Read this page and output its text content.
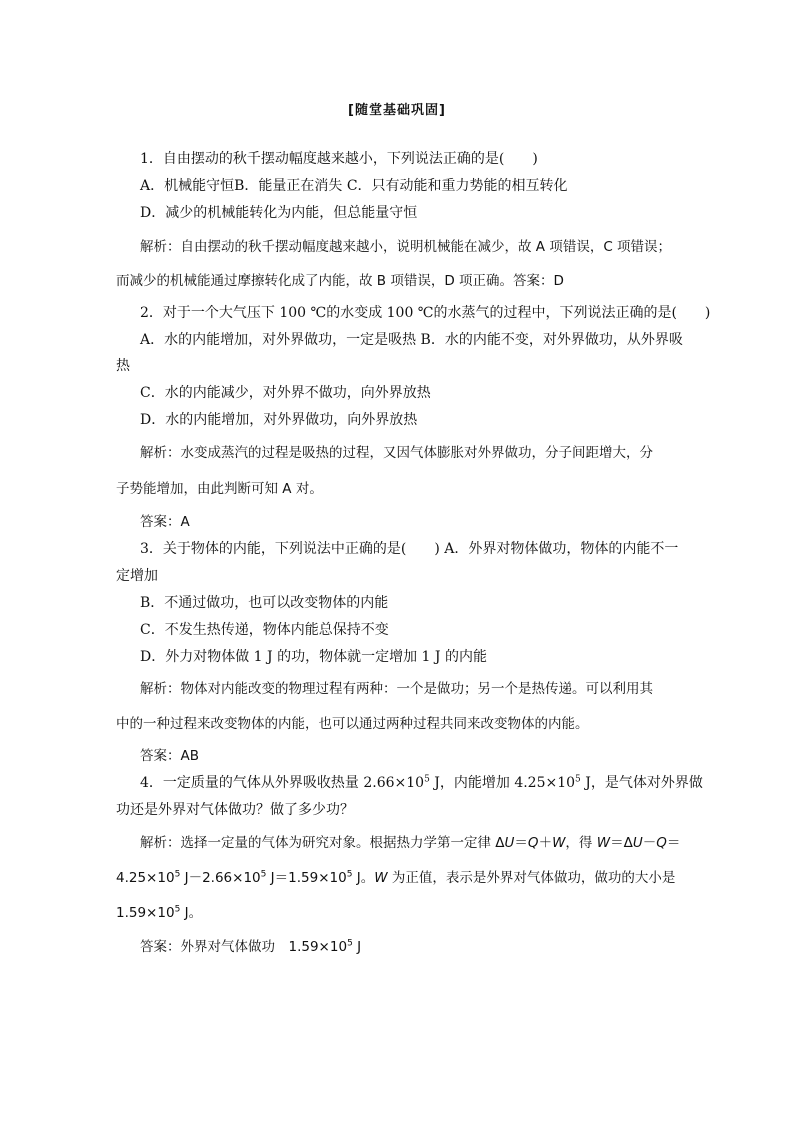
[随堂基础巩固]
1．自由摆动的秋千摆动幅度越来越小，下列说法正确的是(　　)
A．机械能守恒B．能量正在消失 C．只有动能和重力势能的相互转化
D．减少的机械能转化为内能，但总能量守恒
解析：自由摆动的秋千摆动幅度越来越小，说明机械能在减少，故 A 项错误，C 项错误；
而减少的机械能通过摩擦转化成了内能，故 B 项错误，D 项正确。答案：D
2．对于一个大气压下 100 ℃的水变成 100 ℃的水蒸气的过程中，下列说法正确的是(　　)
A．水的内能增加，对外界做功，一定是吸热 B．水的内能不变，对外界做功，从外界吸
热
C．水的内能减少，对外界不做功，向外界放热
D．水的内能增加，对外界做功，向外界放热
解析：水变成蒸汽的过程是吸热的过程，又因气体膨胀对外界做功，分子间距增大，分
子势能增加，由此判断可知 A 对。
答案：A
3．关于物体的内能，下列说法中正确的是(　　) A．外界对物体做功，物体的内能不一
定增加
B．不通过做功，也可以改变物体的内能
C．不发生热传递，物体内能总保持不变
D．外力对物体做 1 J 的功，物体就一定增加 1 J 的内能
解析：物体对内能改变的物理过程有两种：一个是做功；另一个是热传递。可以利用其
中的一种过程来改变物体的内能，也可以通过两种过程共同来改变物体的内能。
答案：AB
4．一定质量的气体从外界吸收热量 $2.66\times 10^5$ J，内能增加 $4.25\times 10^5$ J，是气体对外界做
功还是外界对气体做功？做了多少功？
解析：选择一定量的气体为研究对象。根据热力学第一定律 ΔU＝Q＋W，得 W＝ΔU－Q＝
$4.25\times 10^5$ $J-2.66\times 10^5$ $J=1.59\times 10^5$ J。W 为正值，表示是外界对气体做功，做功的大小是
$1.59\times 10^5$ J。
答案：外界对气体做功　$1.59\times 10^5$ J
